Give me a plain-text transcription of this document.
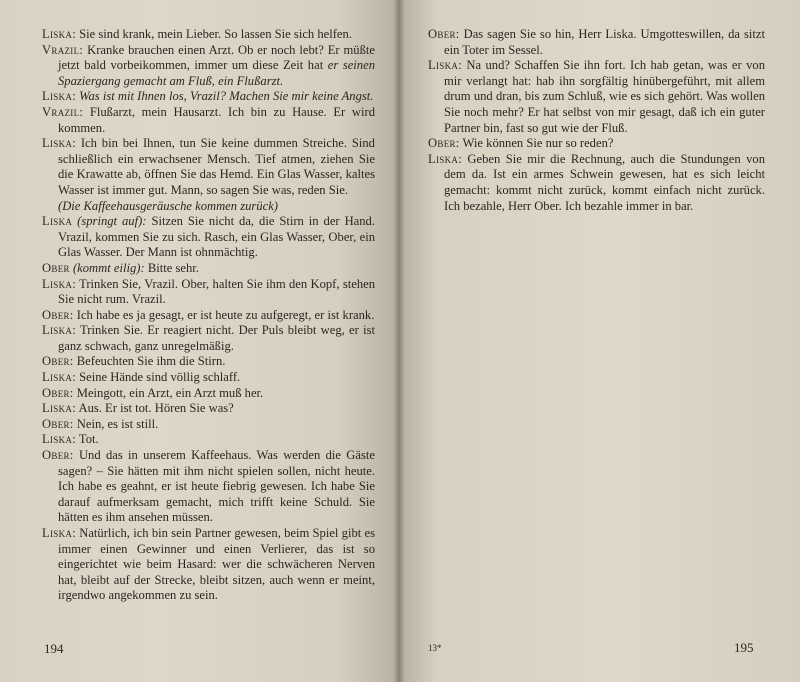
Liska: Sie sind krank, mein Lieber. So lassen Sie sich helfen.

Vrazil: Kranke brauchen einen Arzt. Ob er noch lebt? Er müßte jetzt bald vorbeikommen, immer um diese Zeit hat er seinen Spaziergang gemacht am Fluß, ein Flußarzt.

Liska: Was ist mit Ihnen los, Vrazil? Machen Sie mir keine Angst.

Vrazil: Flußarzt, mein Hausarzt. Ich bin zu Hause. Er wird kommen.

Liska: Ich bin bei Ihnen, tun Sie keine dummen Streiche. Sind schließlich ein erwachsener Mensch. Tief atmen, ziehen Sie die Krawatte ab, öffnen Sie das Hemd. Ein Glas Wasser, kaltes Wasser ist immer gut. Mann, so sagen Sie was, reden Sie.

(Die Kaffeehausgeräusche kommen zurück)

Liska (springt auf): Sitzen Sie nicht da, die Stirn in der Hand. Vrazil, kommen Sie zu sich. Rasch, ein Glas Wasser, Ober, ein Glas Wasser. Der Mann ist ohnmächtig.

Ober (kommt eilig): Bitte sehr.

Liska: Trinken Sie, Vrazil. Ober, halten Sie ihm den Kopf, stehen Sie nicht rum. Vrazil.

Ober: Ich habe es ja gesagt, er ist heute zu aufgeregt, er ist krank.

Liska: Trinken Sie. Er reagiert nicht. Der Puls bleibt weg, er ist ganz schwach, ganz unregelmäßig.

Ober: Befeuchten Sie ihm die Stirn.

Liska: Seine Hände sind völlig schlaff.

Ober: Meingott, ein Arzt, ein Arzt muß her.

Liska: Aus. Er ist tot. Hören Sie was?

Ober: Nein, es ist still.

Liska: Tot.

Ober: Und das in unserem Kaffeehaus. Was werden die Gäste sagen? – Sie hätten mit ihm nicht spielen sollen, nicht heute. Ich habe es geahnt, er ist heute fiebrig gewesen. Ich habe Sie darauf aufmerksam gemacht, mich trifft keine Schuld. Sie hätten es ihm ansehen müssen.

Liska: Natürlich, ich bin sein Partner gewesen, beim Spiel gibt es immer einen Gewinner und einen Verlierer, das ist so eingerichtet wie beim Hasard: wer die schwächeren Nerven hat, bleibt auf der Strecke, bleibt sitzen, auch wenn er meint, irgendwo angekommen zu sein.

194

Ober: Das sagen Sie so hin, Herr Liska. Umgotteswillen, da sitzt ein Toter im Sessel.

Liska: Na und? Schaffen Sie ihn fort. Ich hab getan, was er von mir verlangt hat: hab ihn sorgfältig hinübergeführt, mit allem drum und dran, bis zum Schluß, wie es sich gehört. Was wollen Sie noch mehr? Er hat selbst von mir gesagt, daß ich ein guter Partner bin, fast so gut wie der Fluß.

Ober: Wie können Sie nur so reden?

Liska: Geben Sie mir die Rechnung, auch die Stundungen von dem da. Ist ein armes Schwein gewesen, hat es sich leicht gemacht: kommt nicht zurück, kommt einfach nicht zurück. Ich bezahle, Herr Ober. Ich bezahle immer in bar.

13*	195
